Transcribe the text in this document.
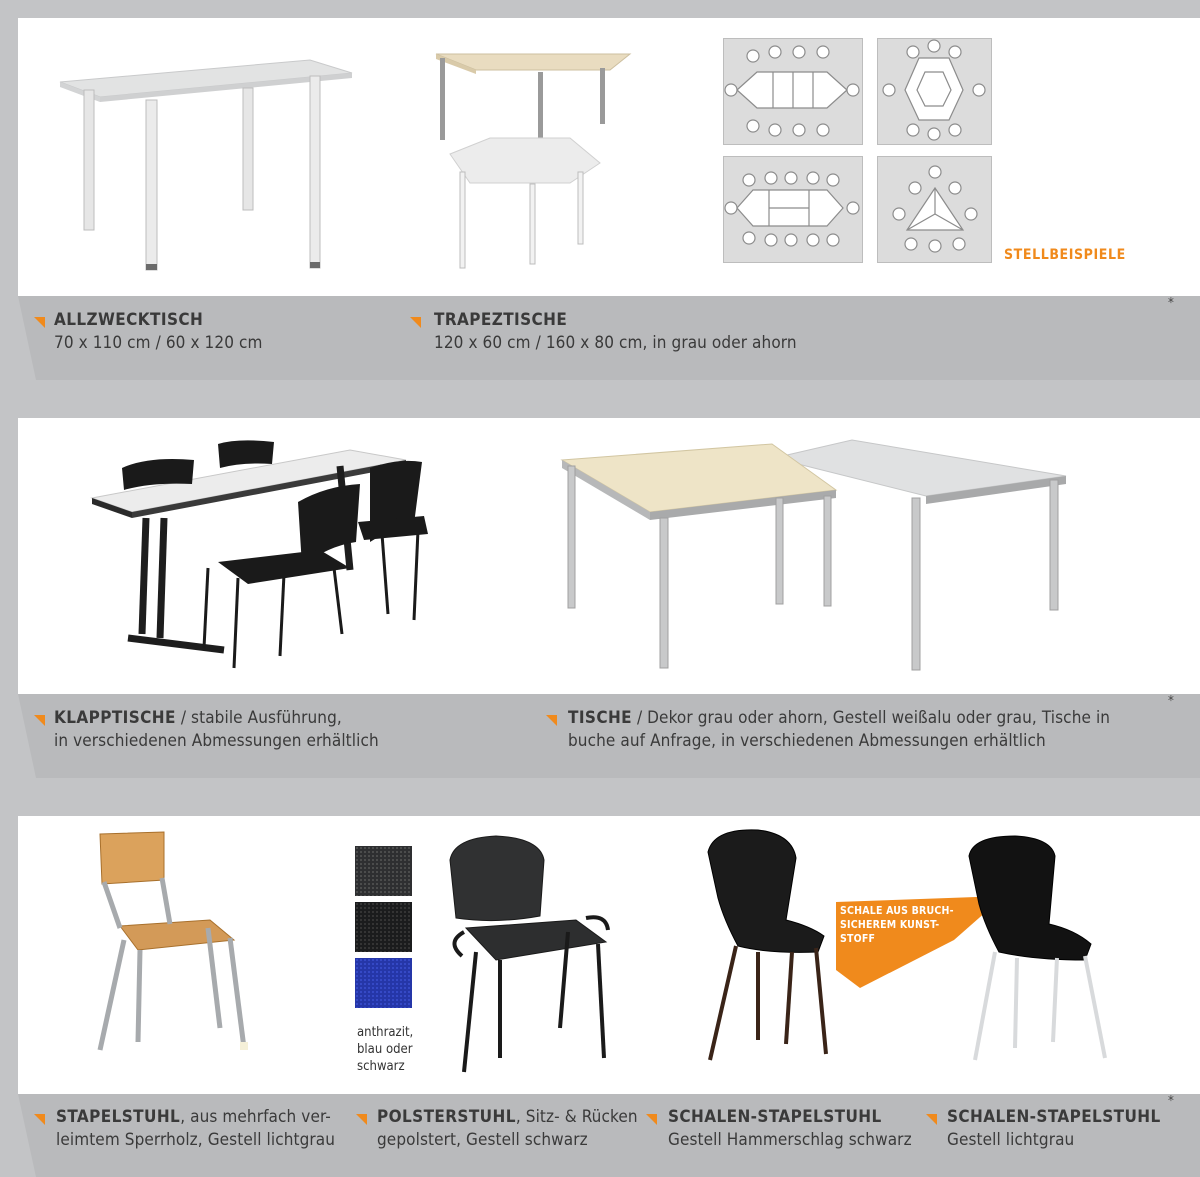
STELLBEISPIELE
ALLZWECKTISCH
70 x 110 cm / 60 x 120 cm
TRAPEZTISCHE
120 x 60 cm / 160 x 80 cm, in grau oder ahorn
*
KLAPPTISCHE / stabile Ausführung,
in verschiedenen Abmessungen erhältlich
TISCHE / Dekor grau oder ahorn, Gestell weißalu oder grau, Tische in
buche auf Anfrage, in verschiedenen Abmessungen erhältlich
*
anthrazit,
blau oder
schwarz
SCHALE AUS BRUCH-
SICHEREM KUNST-
STOFF
STAPELSTUHL, aus mehrfach ver-
leimtem Sperrholz, Gestell lichtgrau
POLSTERSTUHL, Sitz- & Rücken
gepolstert, Gestell schwarz
SCHALEN-STAPELSTUHL
Gestell Hammerschlag schwarz
SCHALEN-STAPELSTUHL
Gestell lichtgrau
*
